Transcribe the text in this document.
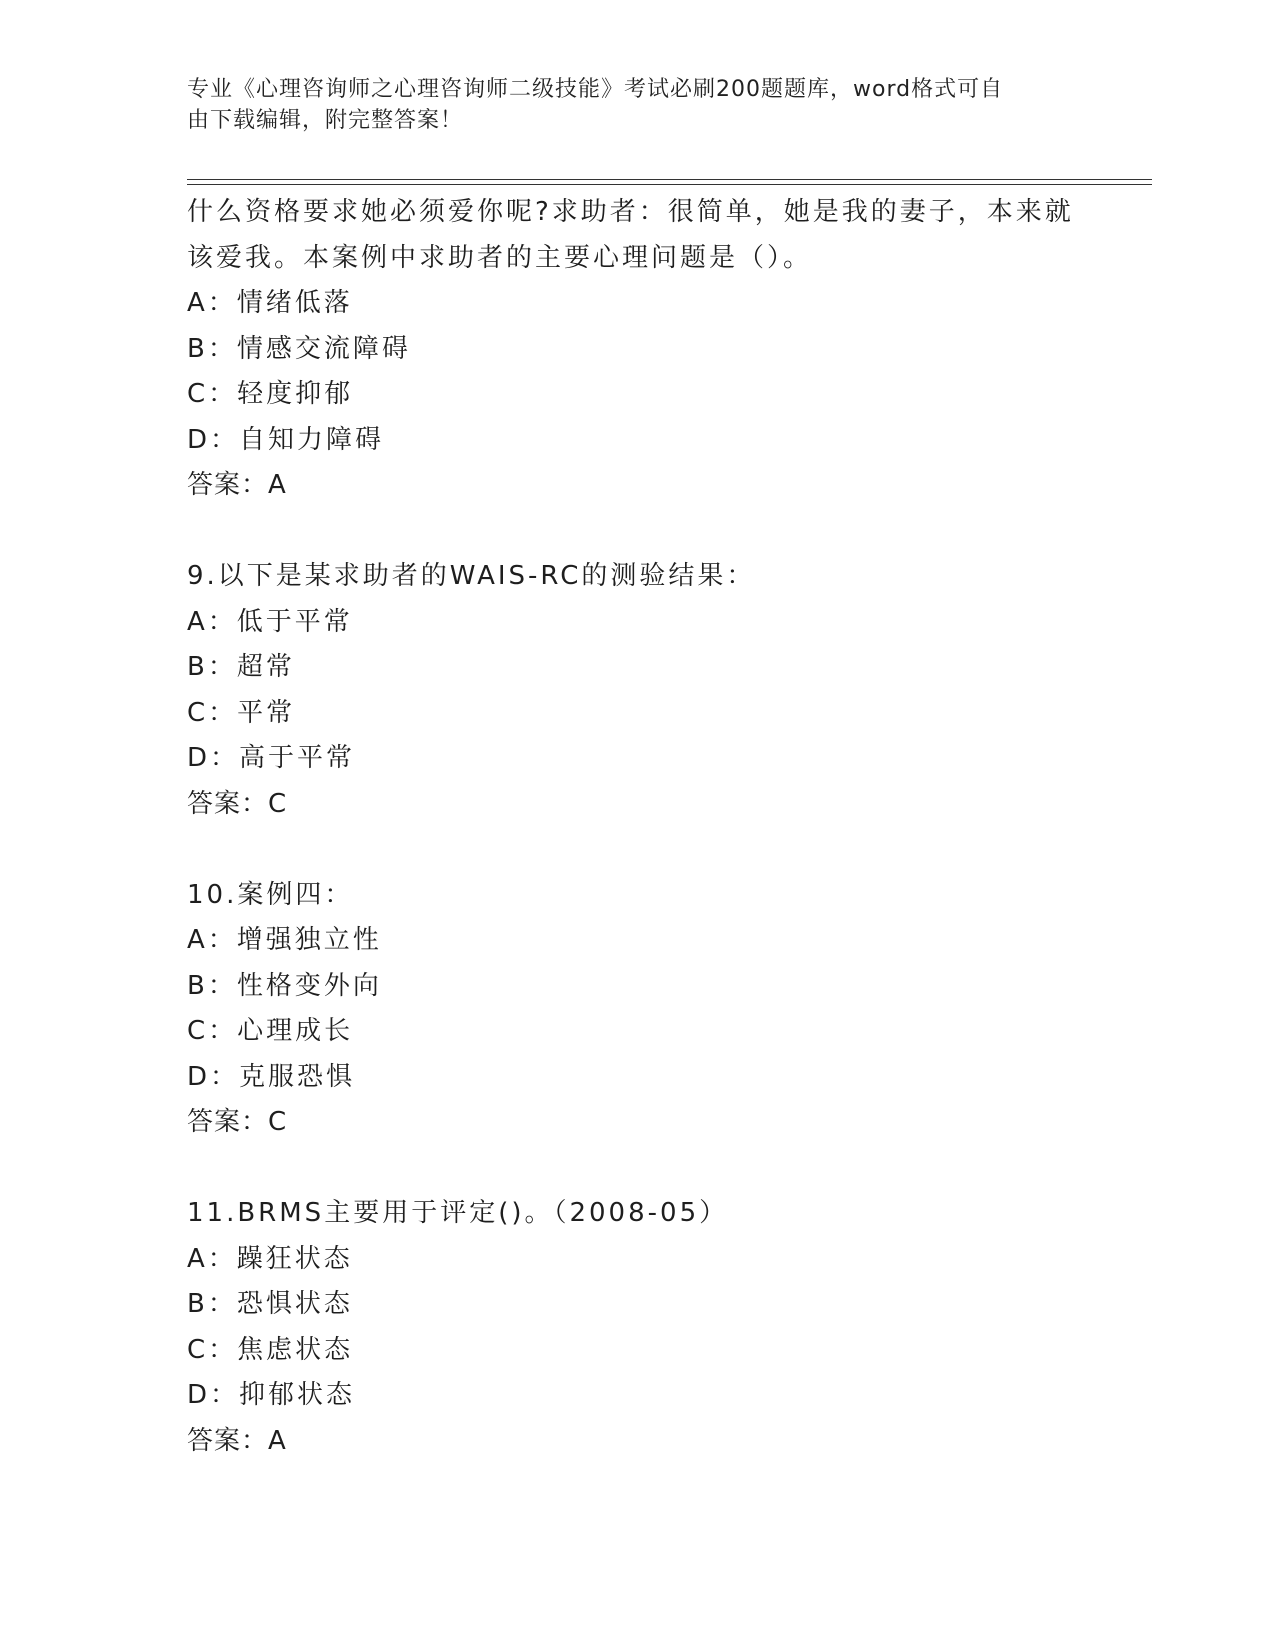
专业《心理咨询师之心理咨询师二级技能》考试必刷200题题库，word格式可自
由下载编辑，附完整答案！
什么资格要求她必须爱你呢?求助者：很简单，她是我的妻子，本来就
该爱我。本案例中求助者的主要心理问题是（）。
A：情绪低落
B：情感交流障碍
C：轻度抑郁
D：自知力障碍
答案：A
9.以下是某求助者的WAIS-RC的测验结果：
A：低于平常
B：超常
C：平常
D：高于平常
答案：C
10.案例四：
A：增强独立性
B：性格变外向
C：心理成长
D：克服恐惧
答案：C
11.BRMS主要用于评定()。（2008-05）
A：躁狂状态
B：恐惧状态
C：焦虑状态
D：抑郁状态
答案：A
